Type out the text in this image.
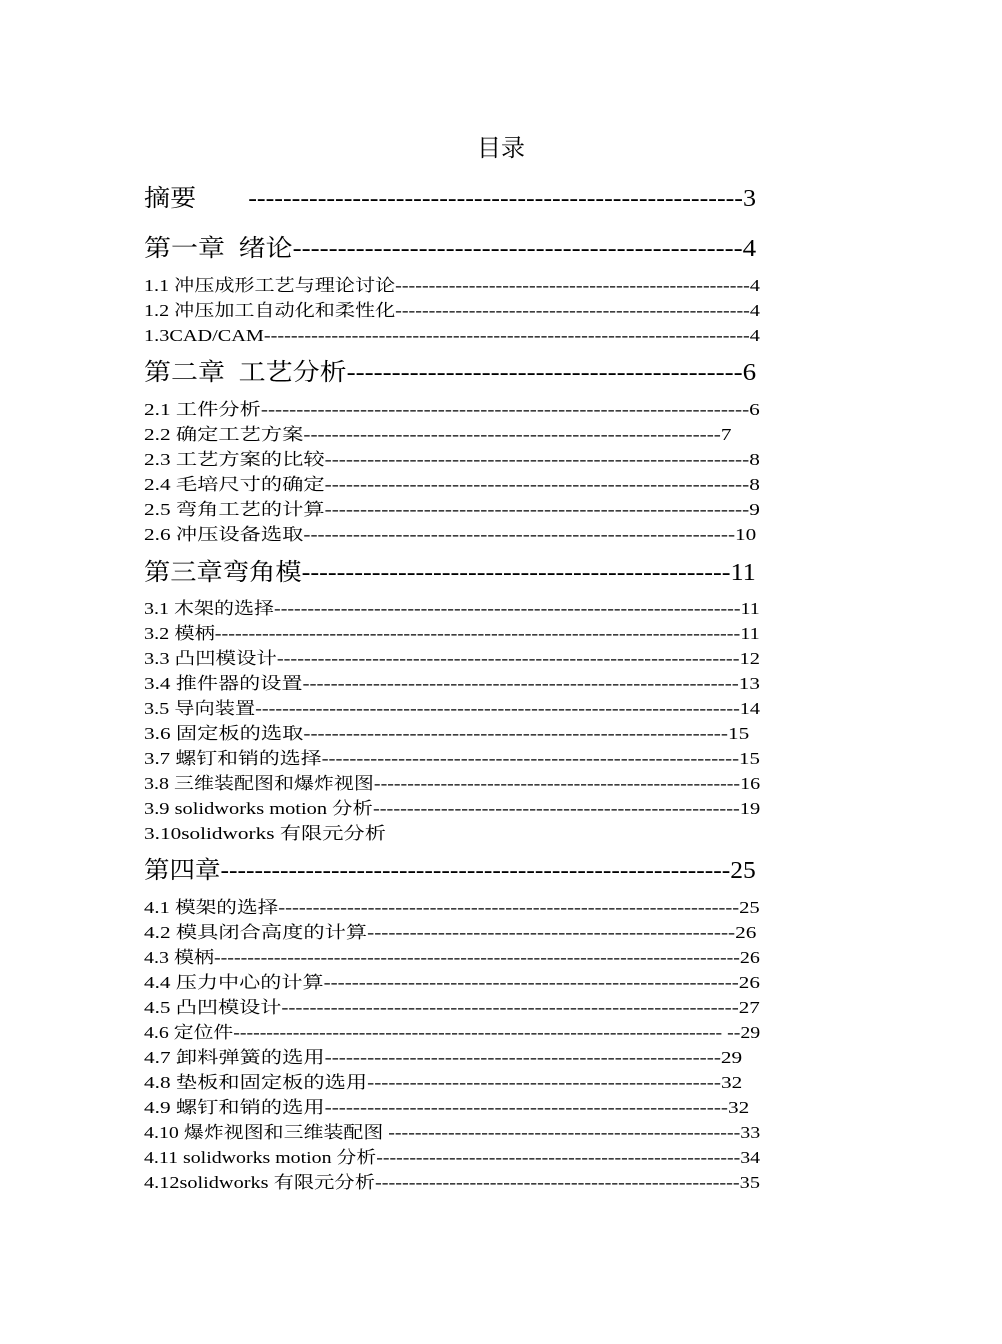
目录
摘要        ---------------------------------------------------------3
第一章  绪论--------------------------------------------------4
1.1 冲压成形工艺与理论讨论-----------------------------------------------------4
1.2 冲压加工自动化和柔性化-----------------------------------------------------4
1.3CAD/CAM------------------------------------------------------------------------4
第二章  工艺分析--------------------------------------------6
2.1 工件分析---------------------------------------------------------------------6
2.2 确定工艺方案-----------------------------------------------------------7
2.3 工艺方案的比较------------------------------------------------------------8
2.4 毛培尺寸的确定------------------------------------------------------------8
2.5 弯角工艺的计算------------------------------------------------------------9
2.6 冲压设备选取-------------------------------------------------------------10
第三章弯角模-------------------------------------------------11
3.1 木架的选择----------------------------------------------------------------------11
3.2 模柄------------------------------------------------------------------------------11
3.3 凸凹模设计--------------------------------------------------------------------12
3.4 推件器的设置--------------------------------------------------------------13
3.5 导向装置------------------------------------------------------------------------14
3.6 固定板的选取------------------------------------------------------------15
3.7 螺钉和销的选择------------------------------------------------------------15
3.8 三维装配图和爆炸视图-------------------------------------------------------16
3.9 solidworks motion 分析------------------------------------------------------19
3.10solidworks 有限元分析
第四章------------------------------------------------------------25
4.1 模架的选择-------------------------------------------------------------------25
4.2 模具闭合高度的计算----------------------------------------------------26
4.3 模柄-------------------------------------------------------------------------------26
4.4 压力中心的计算-----------------------------------------------------------26
4.5 凸凹模设计-----------------------------------------------------------------27
4.6 定位件-------------------------------------------------------------------------- --29
4.7 卸料弹簧的选用--------------------------------------------------------29
4.8 垫板和固定板的选用--------------------------------------------------32
4.9 螺钉和销的选用---------------------------------------------------------32
4.10 爆炸视图和三维装配图 -----------------------------------------------------33
4.11 solidworks motion 分析-------------------------------------------------------34
4.12solidworks 有限元分析------------------------------------------------------35
